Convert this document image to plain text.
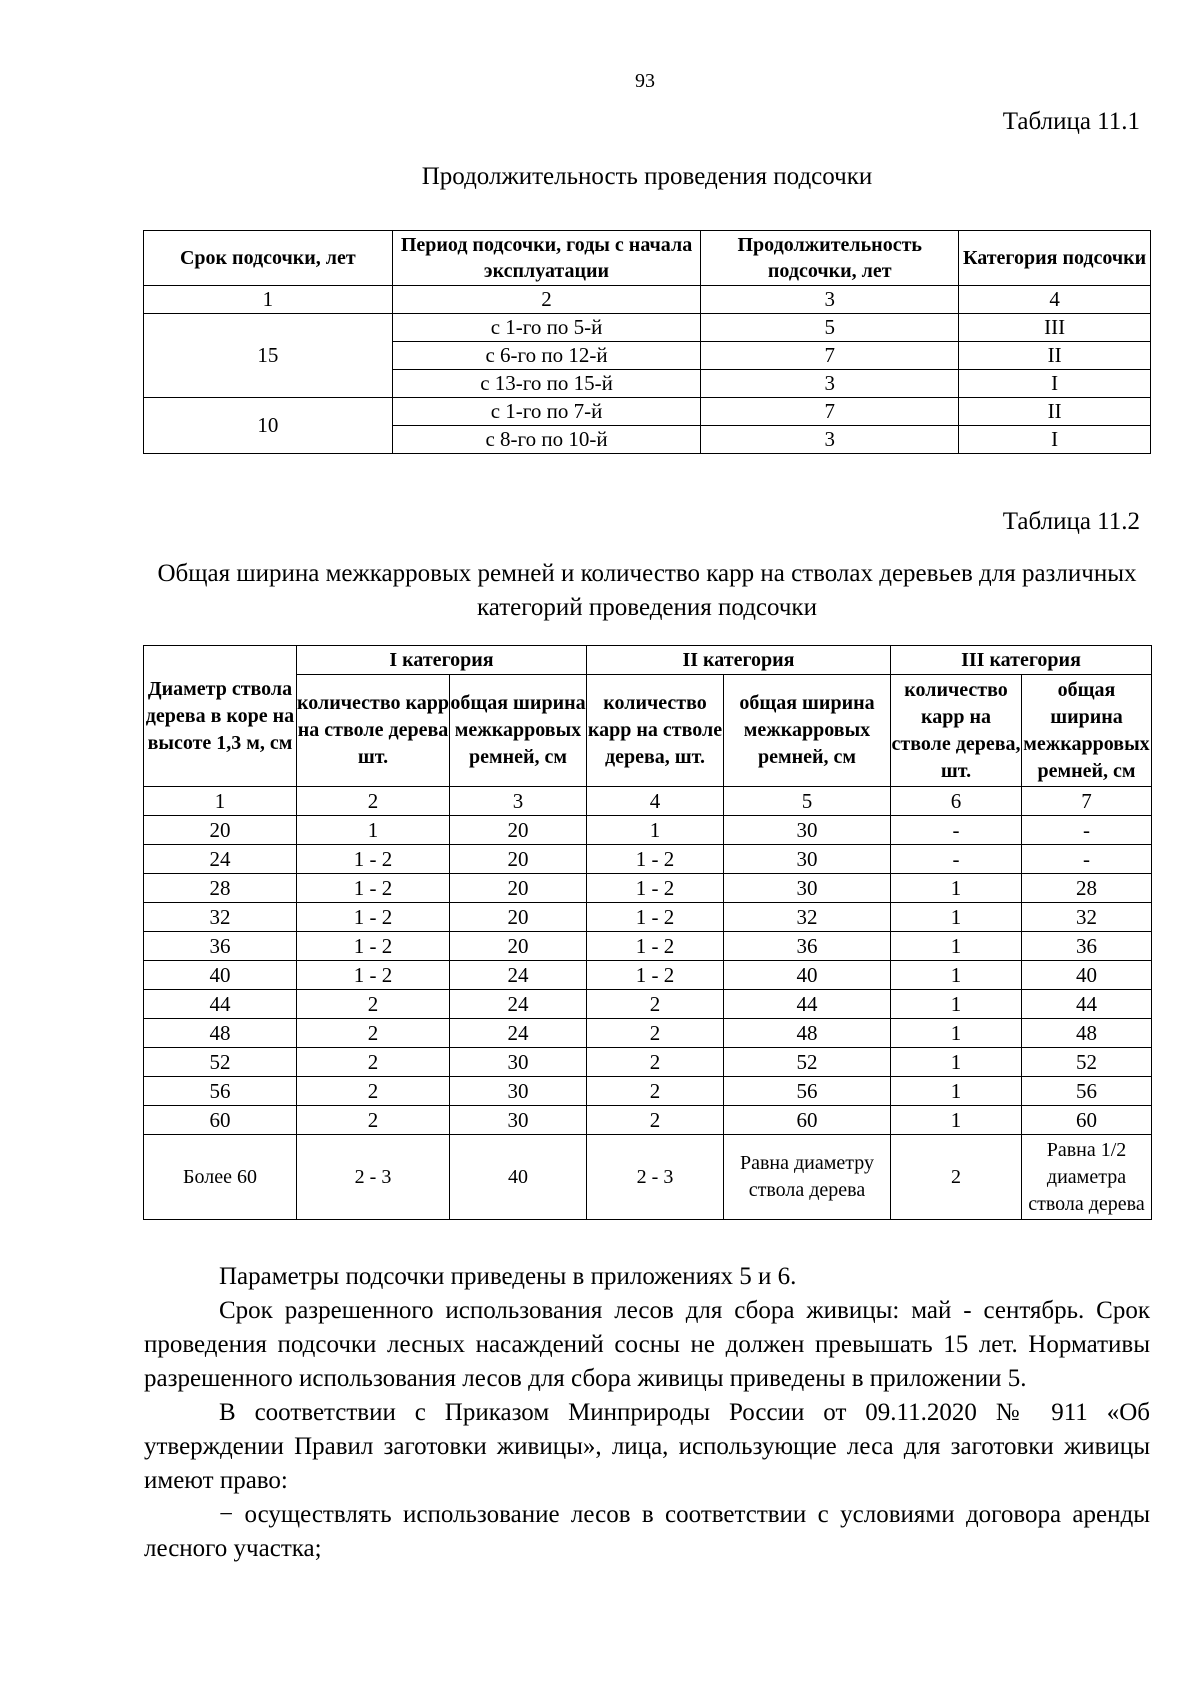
93
Таблица 11.1
Продолжительность проведения подсочки
Срок подсочки, лет	Период подсочки, годы с начала эксплуатации	Продолжительность подсочки, лет	Категория подсочки
1	2	3	4
15	с 1-го по 5-й	5	III
	с 6-го по 12-й	7	II
	с 13-го по 15-й	3	I
10	с 1-го по 7-й	7	II
	с 8-го по 10-й	3	I
Таблица 11.2
Общая ширина межкарровых ремней и количество карр на стволах деревьев для различных категорий проведения подсочки
Диаметр ствола дерева в коре на высоте 1,3 м, см	I категория		II категория		III категория	
	количество карр на стволе дерева шт.	общая ширина межкарровых ремней, см	количество карр на стволе дерева, шт.	общая ширина межкарровых ремней, см	количество карр на стволе дерева, шт.	общая ширина межкарровых ремней, см
1	2	3	4	5	6	7
20	1	20	1	30	-	-
24	1 - 2	20	1 - 2	30	-	-
28	1 - 2	20	1 - 2	30	1	28
32	1 - 2	20	1 - 2	32	1	32
36	1 - 2	20	1 - 2	36	1	36
40	1 - 2	24	1 - 2	40	1	40
44	2	24	2	44	1	44
48	2	24	2	48	1	48
52	2	30	2	52	1	52
56	2	30	2	56	1	56
60	2	30	2	60	1	60
Более 60	2 - 3	40	2 - 3	Равна диаметру ствола дерева	2	Равна 1/2 диаметра ствола дерева

Параметры подсочки приведены в приложениях 5 и 6.

Срок разрешенного использования лесов для сбора живицы: май - сентябрь. Срок проведения подсочки лесных насаждений сосны не должен превышать 15 лет. Нормативы разрешенного использования лесов для сбора живицы приведены в приложении 5.

В соответствии с Приказом Минприроды России от 09.11.2020 № 911 «Об утверждении Правил заготовки живицы», лица, использующие леса для заготовки живицы имеют право:

− осуществлять использование лесов в соответствии с условиями договора аренды лесного участка;
